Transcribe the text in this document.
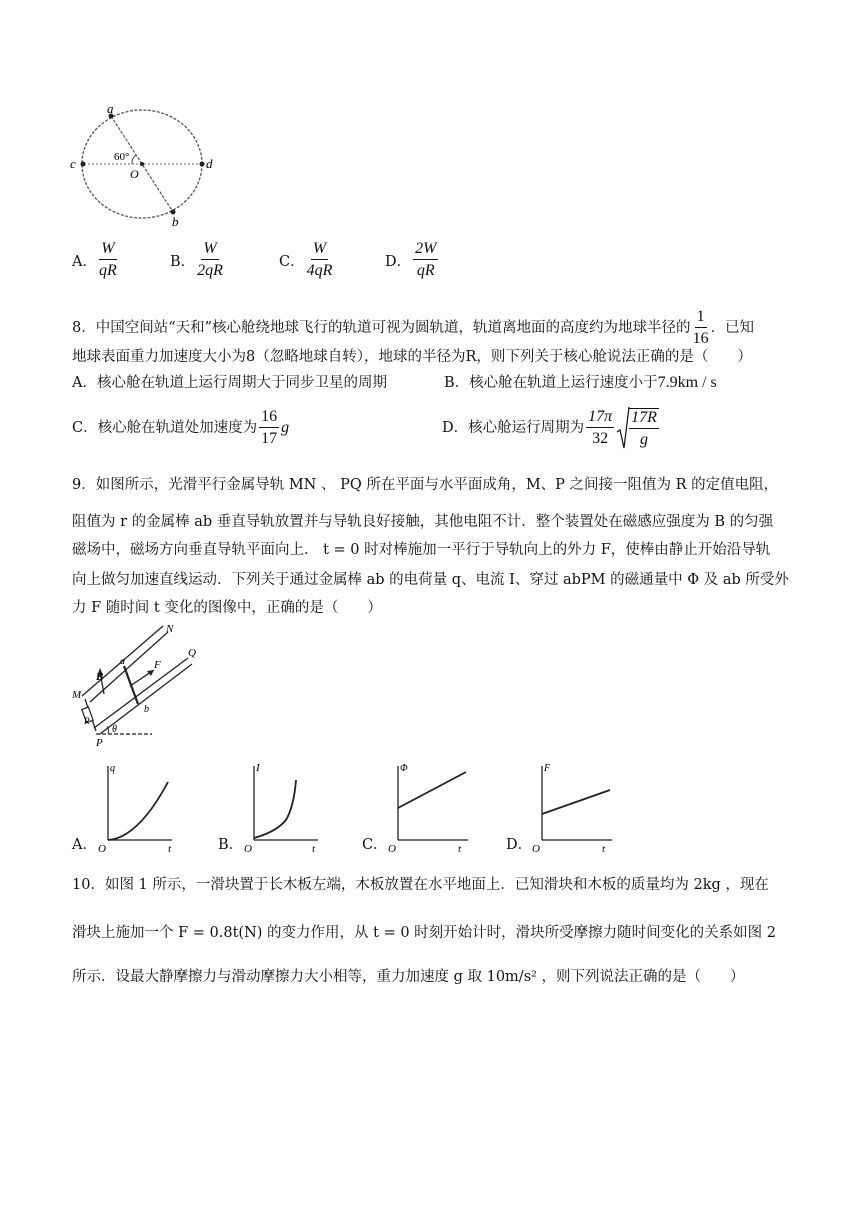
a
b
c	d
O
60°
A． $\frac{W}{qR}$	B． $\frac{W}{2qR}$	C． $\frac{W}{4qR}$	D． $\frac{2W}{qR}$
8．中国空间站“天和”核心舱绕地球飞行的轨道可视为圆轨道，轨道离地面的高度约为地球半径的 $\frac{1}{16}$ ．已知
地球表面重力加速度大小为8（忽略地球自转），地球的半径为R，则下列关于核心舱说法正确的是（　　）
A．核心舱在轨道上运行周期大于同步卫星的周期	B．核心舱在轨道上运行速度小于7.9km / s
C．核心舱在轨道处加速度为 $\frac{16}{17}$ g	D．核心舱运行周期为 $\frac{17\pi}{32} \frac{17R}{g}$
9．如图所示，光滑平行金属导轨 MN 、 PQ 所在平面与水平面成角，M、P 之间接一阻值为 R 的定值电阻，
阻值为 r 的金属棒 ab 垂直导轨放置并与导轨良好接触，其他电阻不计．整个装置处在磁感应强度为 B 的匀强
磁场中，磁场方向垂直导轨平面向上． t = 0 时对棒施加一平行于导轨向上的外力 F，使棒由静止开始沿导轨
向上做匀加速直线运动．下列关于通过金属棒 ab 的电荷量 q、电流 I、穿过 abPM 的磁通量中 Φ 及 ab 所受外
力 F 随时间 t 变化的图像中，正确的是（　　）
N
Q
M
P
a
b
B
F
R
θ
A．
q
O	t	B．
I
O	t	C．
Φ
O	t	D．
F
O	t
10．如图 1 所示，一滑块置于长木板左端，木板放置在水平地面上．已知滑块和木板的质量均为 2kg ，现在
滑块上施加一个 F = 0.8t(N) 的变力作用，从 t = 0 时刻开始计时，滑块所受摩擦力随时间变化的关系如图 2
所示．设最大静摩擦力与滑动摩擦力大小相等，重力加速度 g 取 10m/s² ，则下列说法正确的是（　　）
